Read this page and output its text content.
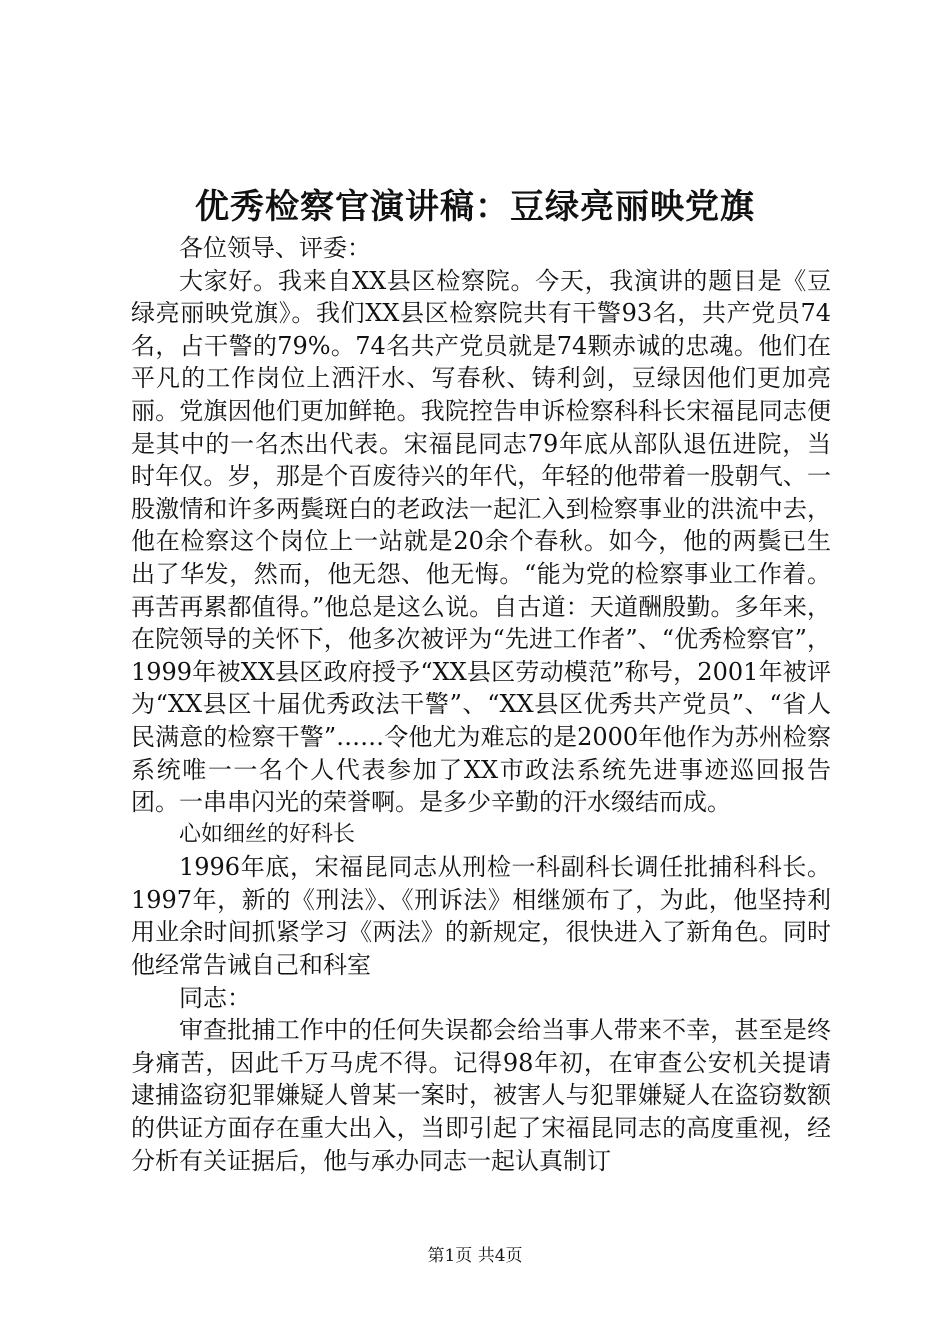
优秀检察官演讲稿：豆绿亮丽映党旗

各位领导、评委：

大家好。我来自XX县区检察院。今天，我演讲的题目是《豆绿亮丽映党旗》。我们XX县区检察院共有干警93名，共产党员74名，占干警的79%。74名共产党员就是74颗赤诚的忠魂。他们在平凡的工作岗位上洒汗水、写春秋、铸利剑，豆绿因他们更加亮丽。党旗因他们更加鲜艳。我院控告申诉检察科科长宋福昆同志便是其中的一名杰出代表。宋福昆同志79年底从部队退伍进院，当时年仅。岁，那是个百废待兴的年代，年轻的他带着一股朝气、一股激情和许多两鬓斑白的老政法一起汇入到检察事业的洪流中去，他在检察这个岗位上一站就是20余个春秋。如今，他的两鬓已生出了华发，然而，他无怨、他无悔。“能为党的检察事业工作着。再苦再累都值得。”他总是这么说。自古道：天道酬殷勤。多年来，在院领导的关怀下，他多次被评为“先进工作者”、“优秀检察官”，1999年被XX县区政府授予“XX县区劳动模范”称号，2001年被评为“XX县区十届优秀政法干警”、“XX县区优秀共产党员”、“省人民满意的检察干警”……令他尤为难忘的是2000年他作为苏州检察系统唯一一名个人代表参加了XX市政法系统先进事迹巡回报告团。一串串闪光的荣誉啊。是多少辛勤的汗水缀结而成。

心如细丝的好科长

1996年底，宋福昆同志从刑检一科副科长调任批捕科科长。1997年，新的《刑法》、《刑诉法》相继颁布了，为此，他坚持利用业余时间抓紧学习《两法》的新规定，很快进入了新角色。同时他经常告诫自己和科室

同志：

审查批捕工作中的任何失误都会给当事人带来不幸，甚至是终身痛苦，因此千万马虎不得。记得98年初，在审查公安机关提请逮捕盗窃犯罪嫌疑人曾某一案时，被害人与犯罪嫌疑人在盗窃数额的供证方面存在重大出入，当即引起了宋福昆同志的高度重视，经分析有关证据后，他与承办同志一起认真制订

第1页 共4页
